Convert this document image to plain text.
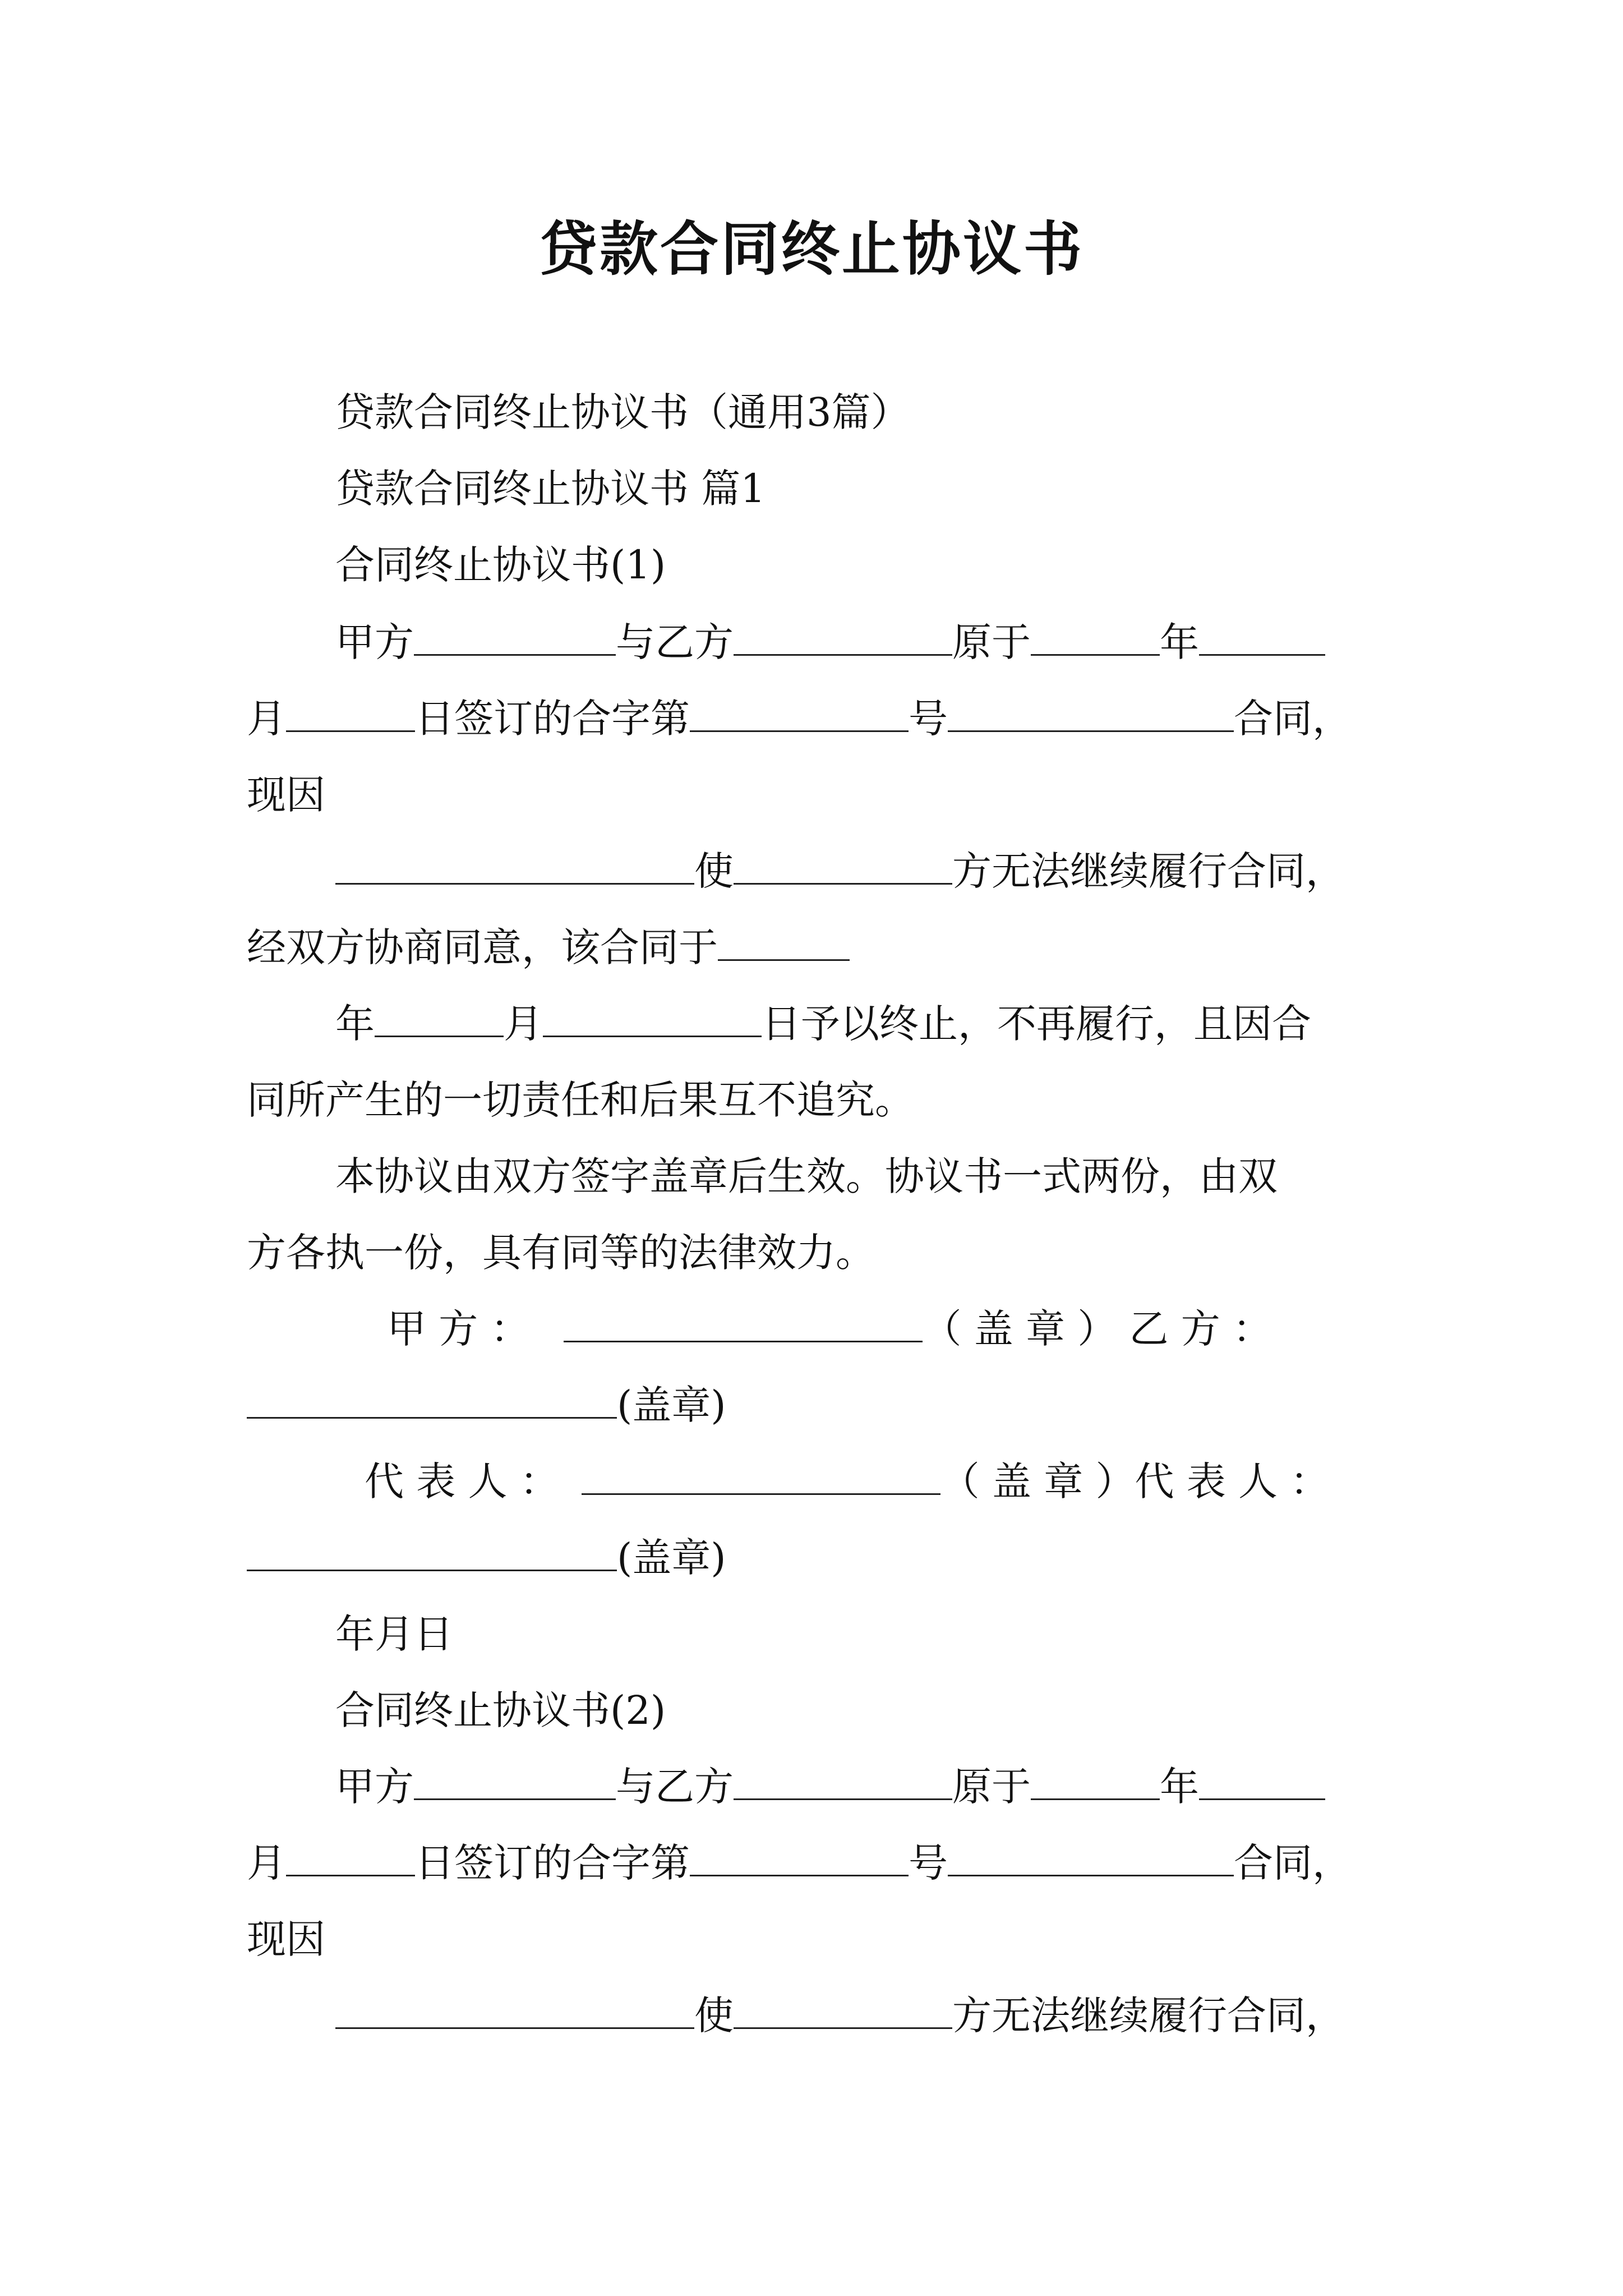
贷款合同终止协议书
贷款合同终止协议书（通用3篇）
贷款合同终止协议书 篇1
合同终止协议书(1)
甲方	与乙方	原于	年
月	日签订的合字第	号	合同，
现因
使	方无法继续履行合同，
经双方协商同意，该合同于
年	月	日予以终止，不再履行，且因合
同所产生的一切责任和后果互不追究。
本协议由双方签字盖章后生效。协议书一式两份，由双
方各执一份，具有同等的法律效力。
甲 方 ：	（ 盖 章 ） 乙 方 ：
(盖章)
代 表 人 ：	（ 盖 章 ）代 表 人 ：
(盖章)
年月日
合同终止协议书(2)
甲方	与乙方	原于	年
月	日签订的合字第	号	合同，
现因
使	方无法继续履行合同，
